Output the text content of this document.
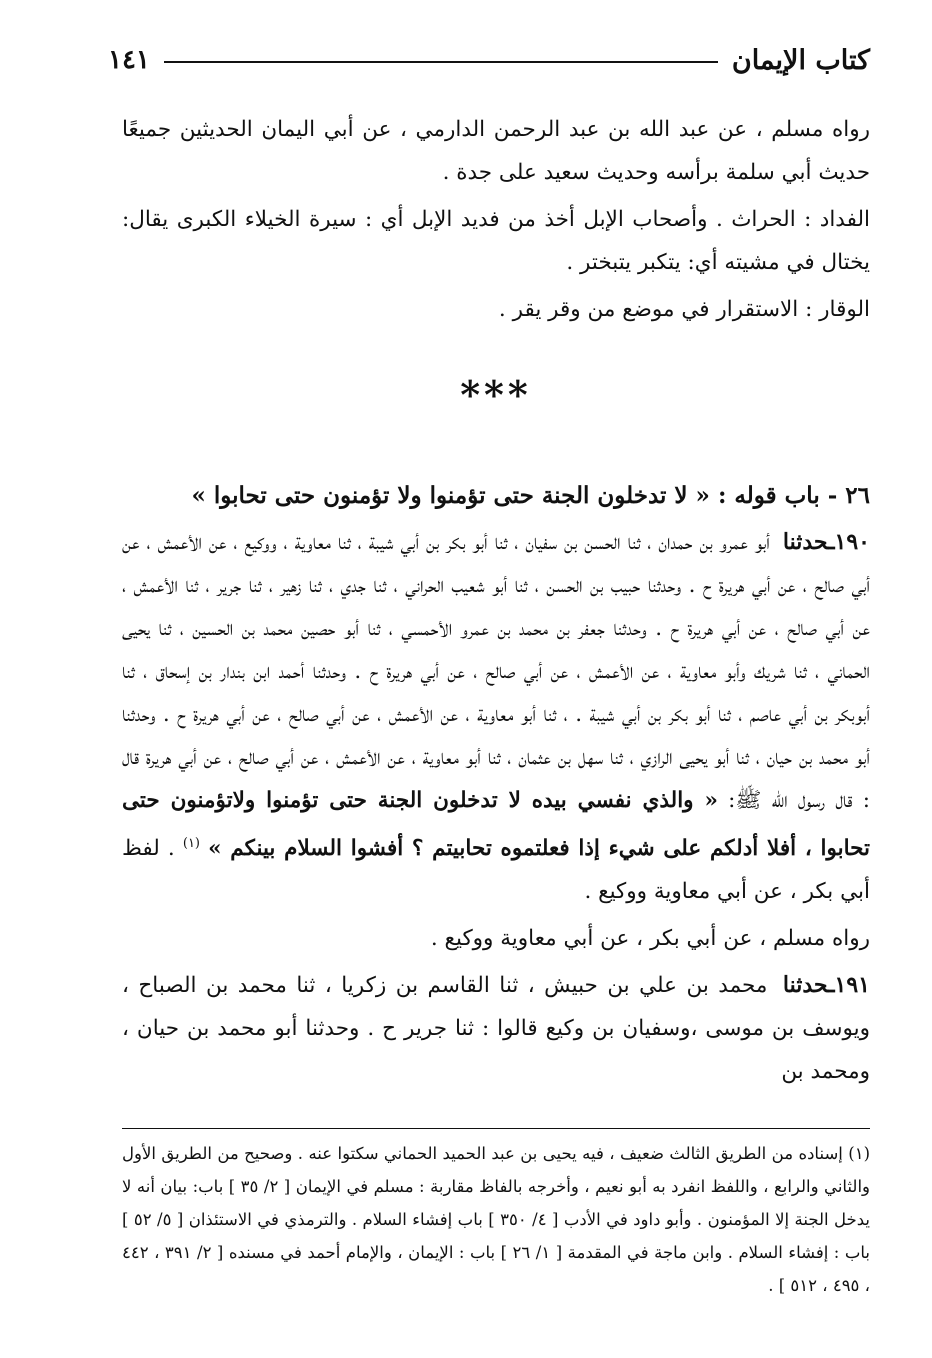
كتاب الإيمان
١٤١

رواه مسلم ، عن عبد الله بن عبد الرحمن الدارمي ، عن أبي اليمان الحديثين جميعًا حديث أبي سلمة برأسه وحديث سعيد على جدة .

الفداد : الحراث . وأصحاب الإبل أخذ من فديد الإبل أي : سيرة الخيلاء الكبرى يقال: يختال في مشيته أي: يتكبر يتبختر .

الوقار : الاستقرار في موضع من وقر يقر .

***
٢٦ - باب قوله : « لا تدخلون الجنة حتى تؤمنوا ولا تؤمنون حتى تحابوا »

١٩٠ـحدثنا أبو عمرو بن حمدان ، ثنا الحسن بن سفيان ، ثنا أبو بكر بن أبي شيبة ، ثنا معاوية ، ووكيع ، عن الأعمش ، عن أبي صالح ، عن أبي هريرة ح . وحدثنا حبيب بن الحسن ، ثنا أبو شعيب الحراني ، ثنا جدي ، ثنا زهير ، ثنا جرير ، ثنا الأعمش ، عن أبي صالح ، عن أبي هريرة ح . وحدثنا جعفر بن محمد بن عمرو الأحمسي ، ثنا أبو حصين محمد بن الحسين ، ثنا يحيى الحماني ، ثنا شريك وأبو معاوية ، عن الأعمش ، عن أبي صالح ، عن أبي هريرة ح . وحدثنا أحمد ابن بندار بن إسحاق ، ثنا أبوبكر بن أبي عاصم ، ثنا أبو بكر بن أبي شيبة . ، ثنا أبو معاوية ، عن الأعمش ، عن أبي صالح ، عن أبي هريرة ح . وحدثنا أبو محمد بن حيان ، ثنا أبو يحيى الرازي ، ثنا سهل بن عثمان ، ثنا أبو معاوية ، عن الأعمش ، عن أبي صالح ، عن أبي هريرة قال : قال رسول الله ﷺ: « والذي نفسي بيده لا تدخلون الجنة حتى تؤمنوا ولاتؤمنون حتى تحابوا ، أفلا أدلكم على شيء إذا فعلتموه تحابيتم ؟ أفشوا السلام بينكم » $^{(١)}$ . لفظ أبي بكر ، عن أبي معاوية ووكيع .

رواه مسلم ، عن أبي بكر ، عن أبي معاوية ووكيع .

١٩١ـحدثنا محمد بن علي بن حبيش ، ثنا القاسم بن زكريا ، ثنا محمد بن الصباح ، ويوسف بن موسى ،وسفيان بن وكيع قالوا : ثنا جرير ح . وحدثنا أبو محمد بن حيان ، ومحمد بن

(١) إسناده من الطريق الثالث ضعيف ، فيه يحيى بن عبد الحميد الحماني سكتوا عنه . وصحيح من الطريق الأول والثاني والرابع ، واللفظ انفرد به أبو نعيم ، وأخرجه بالفاظ مقاربة : مسلم في الإيمان [ ٢/ ٣٥ ] باب: بيان أنه لا يدخل الجنة إلا المؤمنون . وأبو داود في الأدب [ ٤/ ٣٥٠ ] باب إفشاء السلام . والترمذي في الاستئذان [ ٥/ ٥٢ ] باب : إفشاء السلام . وابن ماجة في المقدمة [ ١/ ٢٦ ] باب : الإيمان ، والإمام أحمد في مسنده [ ٢/ ٣٩١ ، ٤٤٢ ، ٤٩٥ ، ٥١٢ ] .
